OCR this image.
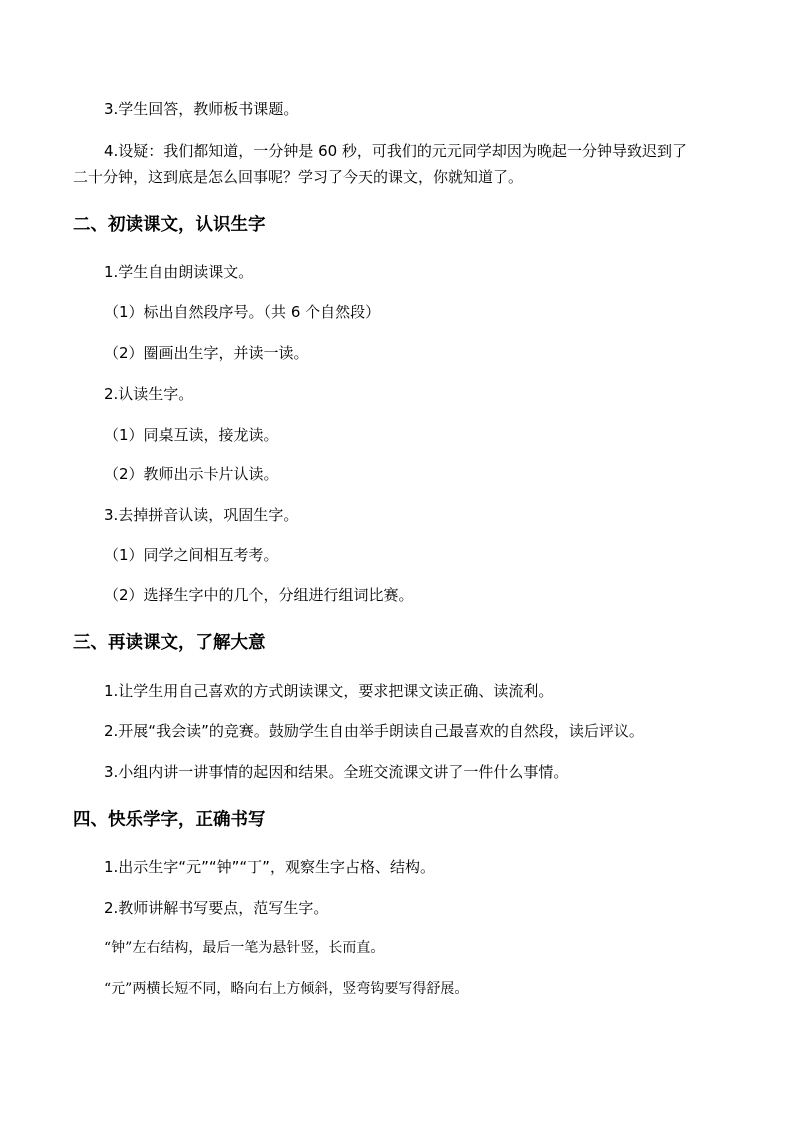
3.学生回答，教师板书课题。
4.设疑：我们都知道，一分钟是 60 秒，可我们的元元同学却因为晚起一分钟导致迟到了
二十分钟，这到底是怎么回事呢？学习了今天的课文，你就知道了。
二、初读课文，认识生字
1.学生自由朗读课文。
（1）标出自然段序号。（共 6 个自然段）
（2）圈画出生字，并读一读。
2.认读生字。
（1）同桌互读，接龙读。
（2）教师出示卡片认读。
3.去掉拼音认读，巩固生字。
（1）同学之间相互考考。
（2）选择生字中的几个，分组进行组词比赛。
三、再读课文，了解大意
1.让学生用自己喜欢的方式朗读课文，要求把课文读正确、读流利。
2.开展“我会读”的竞赛。鼓励学生自由举手朗读自己最喜欢的自然段，读后评议。
3.小组内讲一讲事情的起因和结果。全班交流课文讲了一件什么事情。
四、快乐学字，正确书写
1.出示生字“元”“钟”“丁”，观察生字占格、结构。
2.教师讲解书写要点，范写生字。
“钟”左右结构，最后一笔为悬针竖，长而直。
“元”两横长短不同，略向右上方倾斜，竖弯钩要写得舒展。
